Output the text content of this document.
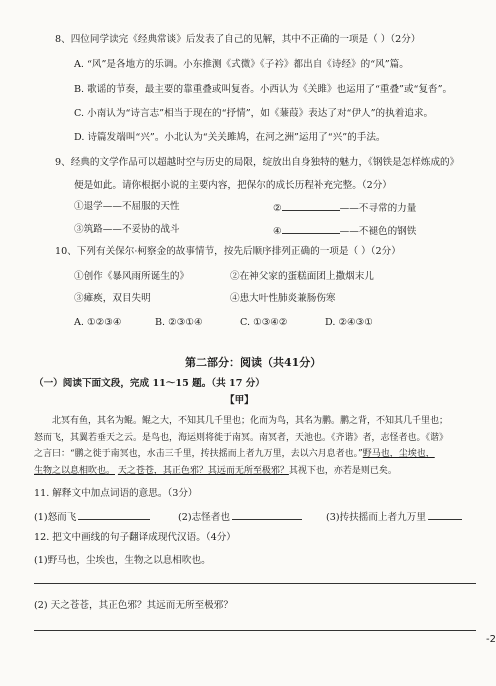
8、四位同学读完《经典常谈》后发表了自己的见解，其中不正确的一项是（ ）（2分）
A. “风”是各地方的乐调。小东推测《式微》《子衿》都出自《诗经》的“风”篇。
B. 歌谣的节奏，最主要的靠重叠或叫复沓。小西认为《关雎》也运用了“重叠”或“复沓”。
C. 小南认为“诗言志”相当于现在的“抒情”，如《蒹葭》表达了对“伊人”的执着追求。
D. 诗篇发端叫“兴”。小北认为“关关雎鸠，在河之洲”运用了“兴”的手法。
9、经典的文学作品可以超越时空与历史的局限，绽放出自身独特的魅力，《钢铁是怎样炼成的》
便是如此。请你根据小说的主要内容，把保尔的成长历程补充完整。（2分）
①退学——不屈服的天性	②	——不寻常的力量
③筑路——不妥协的战斗	④	——不褪色的钢铁
10、下列有关保尔·柯察金的故事情节，按先后顺序排列正确的一项是（ ）（2分）
①创作《暴风雨所诞生的》	②在神父家的蛋糕面团上撒烟末儿
③瘫痪，双目失明	④患大叶性肺炎兼肠伤寒
A. ①②③④	B. ②③①④	C. ①③④②	D. ②④③①
第二部分：阅读（共41分）
（一）阅读下面文段，完成 11～15 题。（共 17 分）
【甲】
北冥有鱼，其名为鲲。鲲之大，不知其几千里也；化而为鸟，其名为鹏。鹏之背，不知其几千里也；
怒而飞，其翼若垂天之云。是鸟也，海运则将徙于南冥。南冥者，天池也。《齐谐》者，志怪者也。《谐》
之言曰：“鹏之徙于南冥也，水击三千里，抟扶摇而上者九万里，去以六月息者也。”野马也，尘埃也，
生物之以息相吹也。 天之苍苍，其正色邪？其远而无所至极邪？其视下也，亦若是则已矣。
11. 解释文中加点词语的意思。（3分）
(1)怒而飞	(2)志怪者也	(3)抟扶摇而上者九万里
12. 把文中画线的句子翻译成现代汉语。（4分）
(1)野马也，尘埃也，生物之以息相吹也。
(2) 天之苍苍，其正色邪？其远而无所至极邪？
-2
